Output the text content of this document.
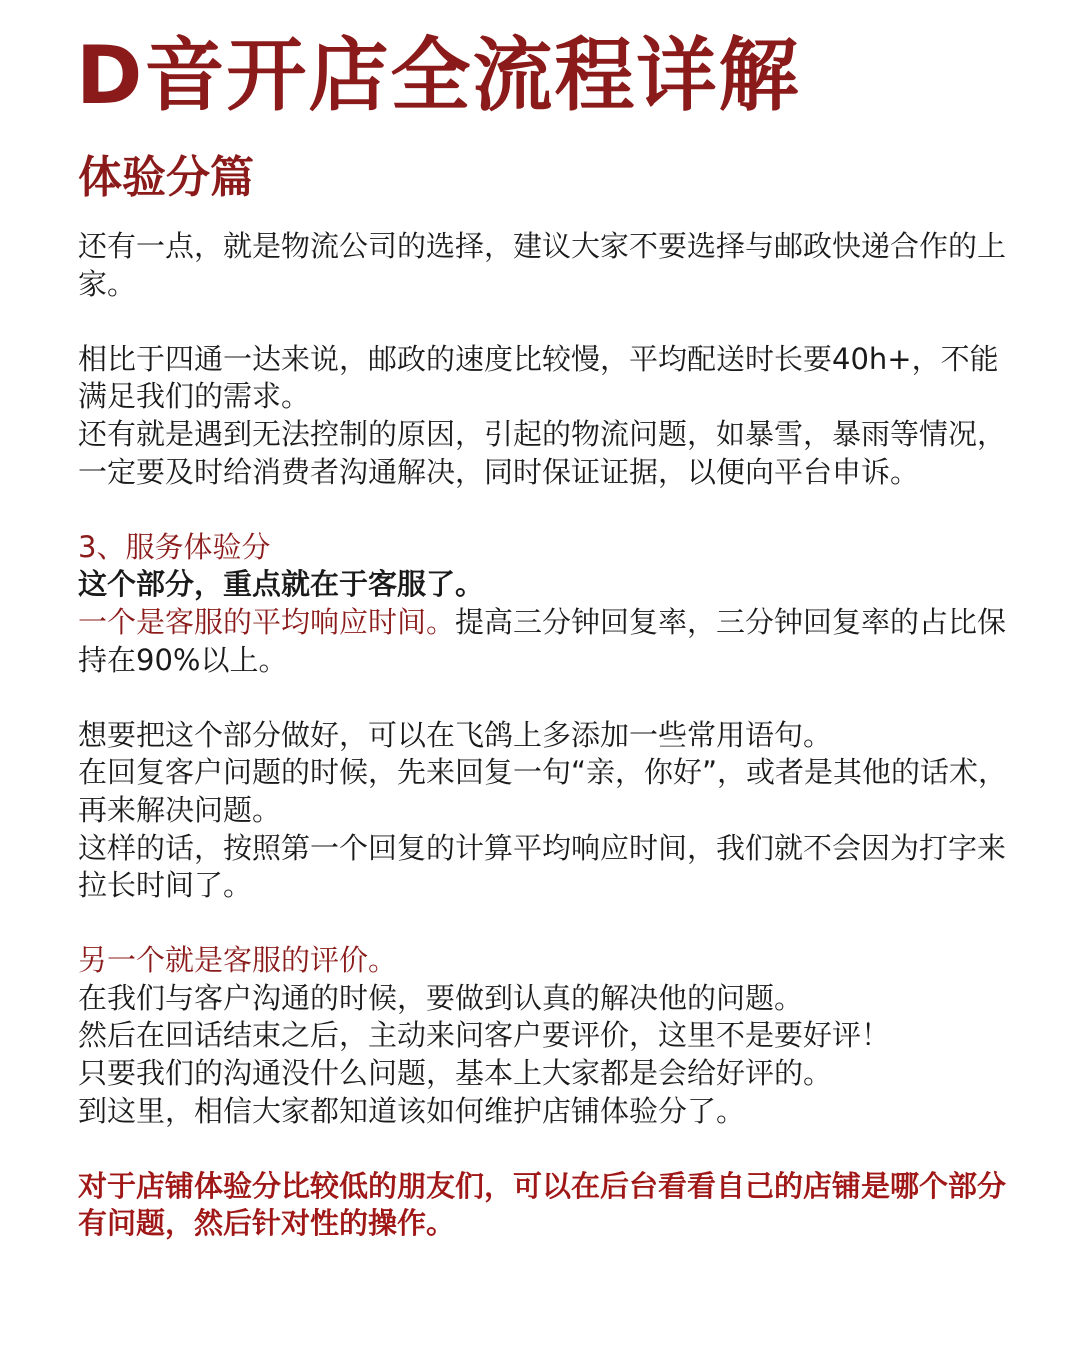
D音开店全流程详解
体验分篇

还有一点，就是物流公司的选择，建议大家不要选择与邮政快递合作的上家。

相比于四通一达来说，邮政的速度比较慢，平均配送时长要40h+，不能满足我们的需求。

还有就是遇到无法控制的原因，引起的物流问题，如暴雪，暴雨等情况，一定要及时给消费者沟通解决，同时保证证据，以便向平台申诉。

3、服务体验分

这个部分，重点就在于客服了。

一个是客服的平均响应时间。提高三分钟回复率，三分钟回复率的占比保持在90%以上。

想要把这个部分做好，可以在飞鸽上多添加一些常用语句。

在回复客户问题的时候，先来回复一句“亲，你好”，或者是其他的话术，再来解决问题。

这样的话，按照第一个回复的计算平均响应时间，我们就不会因为打字来拉长时间了。

另一个就是客服的评价。

在我们与客户沟通的时候，要做到认真的解决他的问题。

然后在回话结束之后，主动来问客户要评价，这里不是要好评！

只要我们的沟通没什么问题，基本上大家都是会给好评的。

到这里，相信大家都知道该如何维护店铺体验分了。

对于店铺体验分比较低的朋友们，可以在后台看看自己的店铺是哪个部分有问题，然后针对性的操作。
